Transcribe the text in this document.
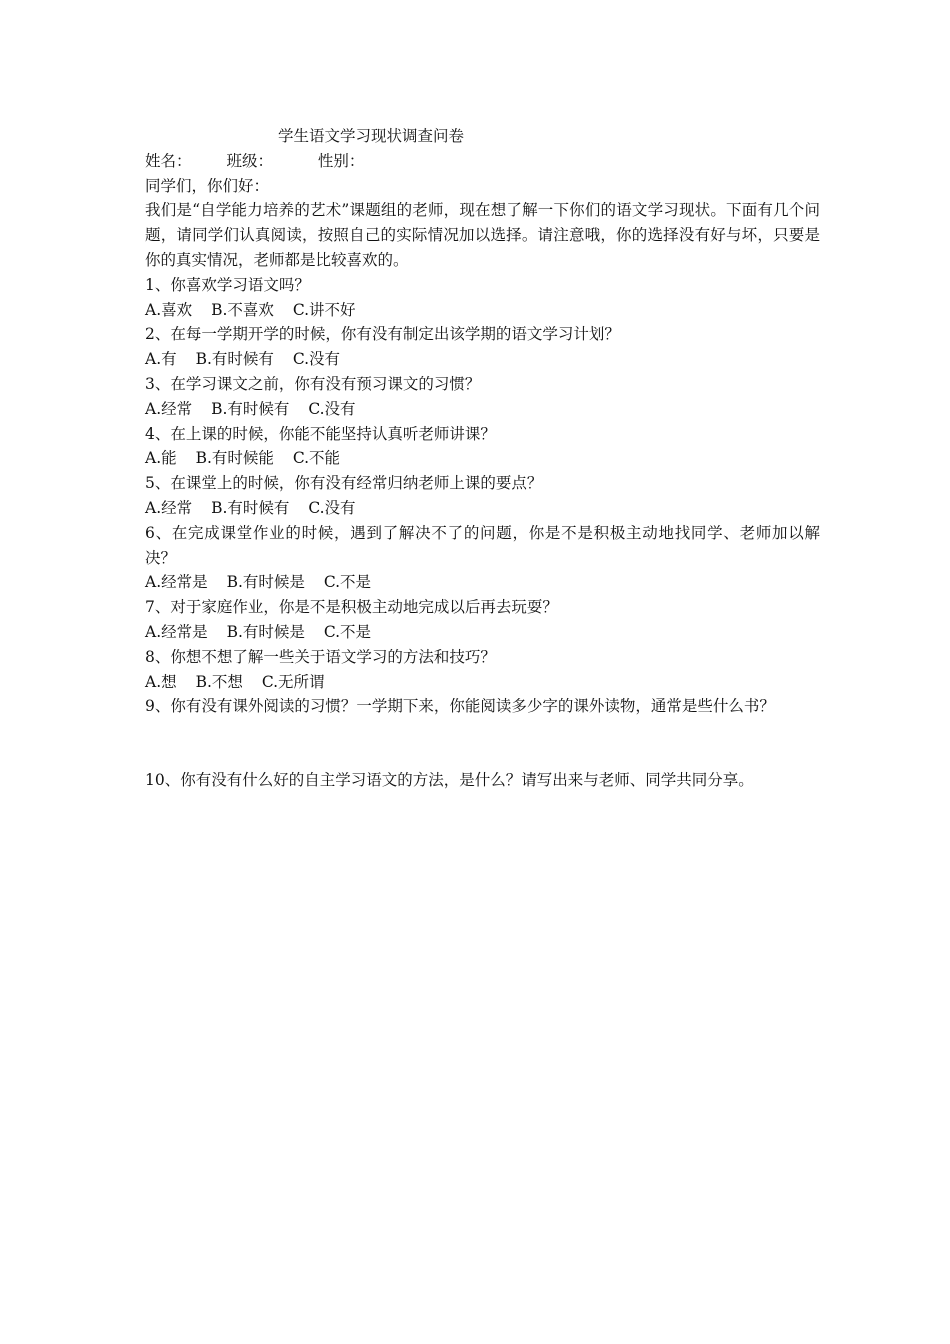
学生语文学习现状调查问卷
姓名： 班级：	性别：
同学们，你们好：
我们是“自学能力培养的艺术”课题组的老师，现在想了解一下你们的语文学习现状。下面有几个问题，请同学们认真阅读，按照自己的实际情况加以选择。请注意哦，你的选择没有好与坏，只要是你的真实情况，老师都是比较喜欢的。
1、你喜欢学习语文吗？
A.喜欢 B.不喜欢 C.讲不好
2、在每一学期开学的时候，你有没有制定出该学期的语文学习计划？
A.有 B.有时候有 C.没有
3、在学习课文之前，你有没有预习课文的习惯？
A.经常 B.有时候有 C.没有
4、在上课的时候，你能不能坚持认真听老师讲课？
A.能 B.有时候能 C.不能
5、在课堂上的时候，你有没有经常归纳老师上课的要点？
A.经常 B.有时候有 C.没有
6、在完成课堂作业的时候，遇到了解决不了的问题，你是不是积极主动地找同学、老师加以解决？
A.经常是 B.有时候是 C.不是
7、对于家庭作业，你是不是积极主动地完成以后再去玩耍？
A.经常是 B.有时候是 C.不是
8、你想不想了解一些关于语文学习的方法和技巧？
A.想 B.不想 C.无所谓
9、你有没有课外阅读的习惯？一学期下来，你能阅读多少字的课外读物，通常是些什么书？
10、你有没有什么好的自主学习语文的方法，是什么？请写出来与老师、同学共同分享。
